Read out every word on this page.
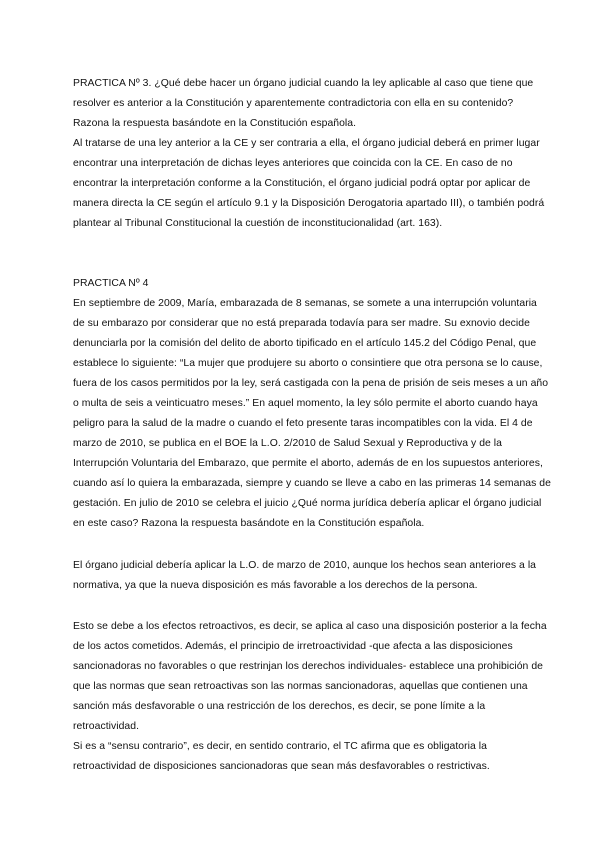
PRACTICA Nº 3. ¿Qué debe hacer un órgano judicial cuando la ley aplicable al caso que tiene que
resolver es anterior a la Constitución y aparentemente contradictoria con ella en su contenido?
Razona la respuesta basándote en la Constitución española.
Al tratarse de una ley anterior a la CE y ser contraria a ella, el órgano judicial deberá en primer lugar
encontrar una interpretación de dichas leyes anteriores que coincida con la CE. En caso de no
encontrar la interpretación conforme a la Constitución, el órgano judicial podrá optar por aplicar de
manera directa la CE según el artículo 9.1 y la Disposición Derogatoria apartado III), o también podrá
plantear al Tribunal Constitucional la cuestión de inconstitucionalidad (art. 163).
PRACTICA Nº 4
En septiembre de 2009, María, embarazada de 8 semanas, se somete a una interrupción voluntaria
de su embarazo por considerar que no está preparada todavía para ser madre. Su exnovio decide
denunciarla por la comisión del delito de aborto tipificado en el artículo 145.2 del Código Penal, que
establece lo siguiente: “La mujer que produjere su aborto o consintiere que otra persona se lo cause,
fuera de los casos permitidos por la ley, será castigada con la pena de prisión de seis meses a un año
o multa de seis a veinticuatro meses.” En aquel momento, la ley sólo permite el aborto cuando haya
peligro para la salud de la madre o cuando el feto presente taras incompatibles con la vida. El 4 de
marzo de 2010, se publica en el BOE la L.O. 2/2010 de Salud Sexual y Reproductiva y de la
Interrupción Voluntaria del Embarazo, que permite el aborto, además de en los supuestos anteriores,
cuando así lo quiera la embarazada, siempre y cuando se lleve a cabo en las primeras 14 semanas de
gestación. En julio de 2010 se celebra el juicio ¿Qué norma jurídica debería aplicar el órgano judicial
en este caso? Razona la respuesta basándote en la Constitución española.
El órgano judicial debería aplicar la L.O. de marzo de 2010, aunque los hechos sean anteriores a la
normativa, ya que la nueva disposición es más favorable a los derechos de la persona.
Esto se debe a los efectos retroactivos, es decir, se aplica al caso una disposición posterior a la fecha
de los actos cometidos. Además, el principio de irretroactividad -que afecta a las disposiciones
sancionadoras no favorables o que restrinjan los derechos individuales- establece una prohibición de
que las normas que sean retroactivas son las normas sancionadoras, aquellas que contienen una
sanción más desfavorable o una restricción de los derechos, es decir, se pone límite a la
retroactividad.
Si es a “sensu contrario”, es decir, en sentido contrario, el TC afirma que es obligatoria la
retroactividad de disposiciones sancionadoras que sean más desfavorables o restrictivas.
